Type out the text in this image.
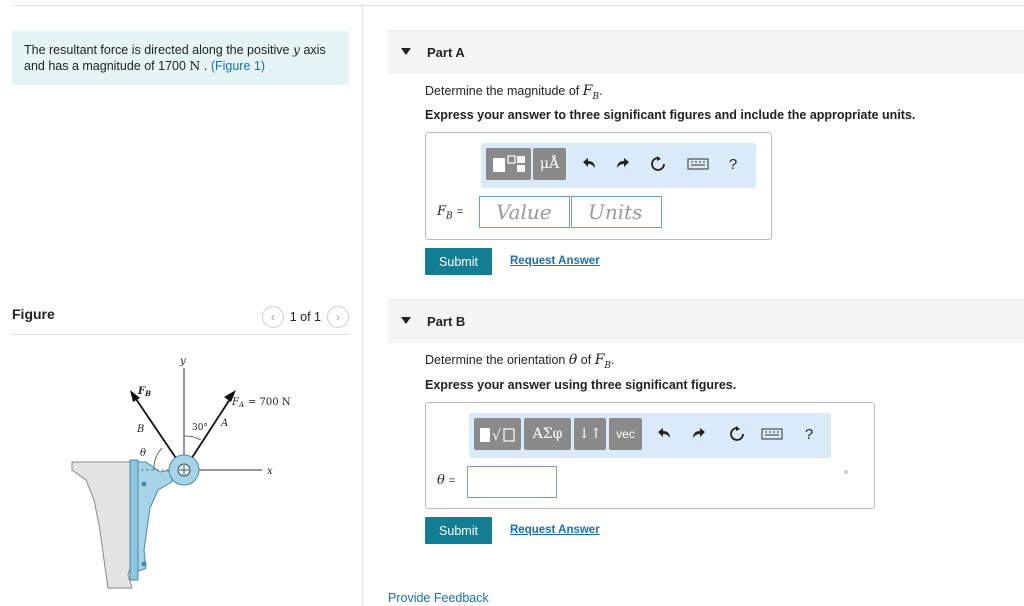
The resultant force is directed along the positive y axis and has a magnitude of 1700 N . (Figure 1)
Figure	‹ 1 of 1 ›
x
y
$F_B$
$F_A = 700$ N
B
A
30°
θ
Part A
Determine the magnitude of $F_B$.
Express your answer to three significant figures and include the appropriate units.
μÅ	?
$F_B$ =	Value	Units
Submit	Request Answer
Part B
Determine the orientation θ of $F_B$.
Express your answer using three significant figures.
√	ΑΣφ	↓↑	vec	?
θ =	°
Submit	Request Answer
Provide Feedback
